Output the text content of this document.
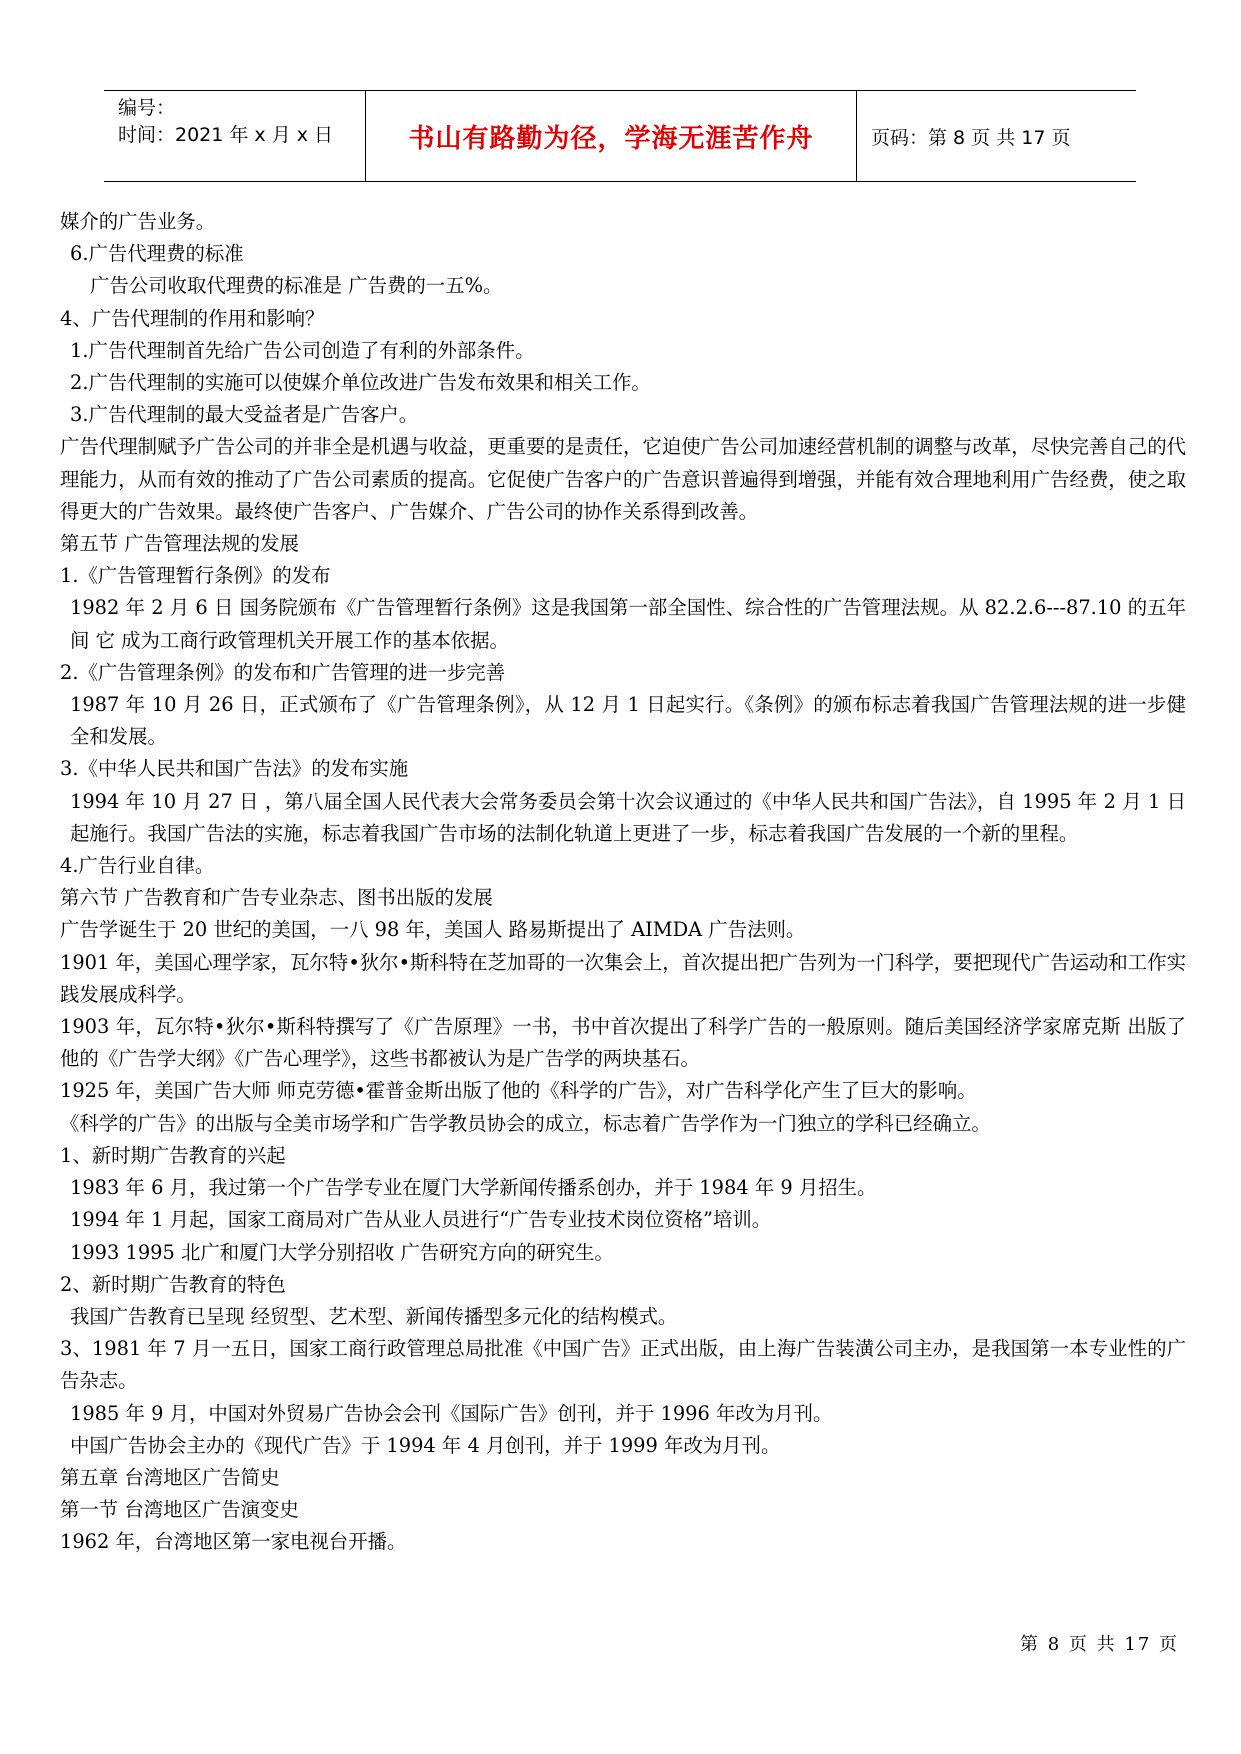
编号：
时间：2021 年 x 月 x 日	书山有路勤为径，学海无涯苦作舟	页码：第 8 页 共 17 页

媒介的广告业务。

6.广告代理费的标准

广告公司收取代理费的标准是 广告费的一五%。

4、广告代理制的作用和影响？

1.广告代理制首先给广告公司创造了有利的外部条件。

2.广告代理制的实施可以使媒介单位改进广告发布效果和相关工作。

3.广告代理制的最大受益者是广告客户。

广告代理制赋予广告公司的并非全是机遇与收益，更重要的是责任，它迫使广告公司加速经营机制的调整与改革，尽快完善自己的代理能力，从而有效的推动了广告公司素质的提高。它促使广告客户的广告意识普遍得到增强，并能有效合理地利用广告经费，使之取得更大的广告效果。最终使广告客户、广告媒介、广告公司的协作关系得到改善。

第五节 广告管理法规的发展

1.《广告管理暂行条例》的发布

1982 年 2 月 6 日 国务院颁布《广告管理暂行条例》这是我国第一部全国性、综合性的广告管理法规。从 82.2.6---87.10 的五年间 它 成为工商行政管理机关开展工作的基本依据。

2.《广告管理条例》的发布和广告管理的进一步完善

1987 年 10 月 26 日，正式颁布了《广告管理条例》，从 12 月 1 日起实行。《条例》的颁布标志着我国广告管理法规的进一步健全和发展。

3.《中华人民共和国广告法》的发布实施

1994 年 10 月 27 日 ，第八届全国人民代表大会常务委员会第十次会议通过的《中华人民共和国广告法》，自 1995 年 2 月 1 日起施行。我国广告法的实施，标志着我国广告市场的法制化轨道上更进了一步，标志着我国广告发展的一个新的里程。

4.广告行业自律。

第六节 广告教育和广告专业杂志、图书出版的发展

广告学诞生于 20 世纪的美国，一八 98 年，美国人 路易斯提出了 AIMDA 广告法则。

1901 年，美国心理学家，瓦尔特•狄尔•斯科特在芝加哥的一次集会上，首次提出把广告列为一门科学，要把现代广告运动和工作实践发展成科学。

1903 年，瓦尔特•狄尔•斯科特撰写了《广告原理》一书，书中首次提出了科学广告的一般原则。随后美国经济学家席克斯 出版了他的《广告学大纲》《广告心理学》，这些书都被认为是广告学的两块基石。

1925 年，美国广告大师 师克劳德•霍普金斯出版了他的《科学的广告》，对广告科学化产生了巨大的影响。

《科学的广告》的出版与全美市场学和广告学教员协会的成立，标志着广告学作为一门独立的学科已经确立。

1、新时期广告教育的兴起

1983 年 6 月，我过第一个广告学专业在厦门大学新闻传播系创办，并于 1984 年 9 月招生。

1994 年 1 月起，国家工商局对广告从业人员进行“广告专业技术岗位资格”培训。

1993 1995 北广和厦门大学分别招收 广告研究方向的研究生。

2、新时期广告教育的特色

我国广告教育已呈现 经贸型、艺术型、新闻传播型多元化的结构模式。

3、1981 年 7 月一五日，国家工商行政管理总局批准《中国广告》正式出版，由上海广告装潢公司主办，是我国第一本专业性的广告杂志。

1985 年 9 月，中国对外贸易广告协会会刊《国际广告》创刊，并于 1996 年改为月刊。

中国广告协会主办的《现代广告》于 1994 年 4 月创刊，并于 1999 年改为月刊。

第五章 台湾地区广告简史

第一节 台湾地区广告演变史

1962 年，台湾地区第一家电视台开播。

第 8 页 共 17 页
